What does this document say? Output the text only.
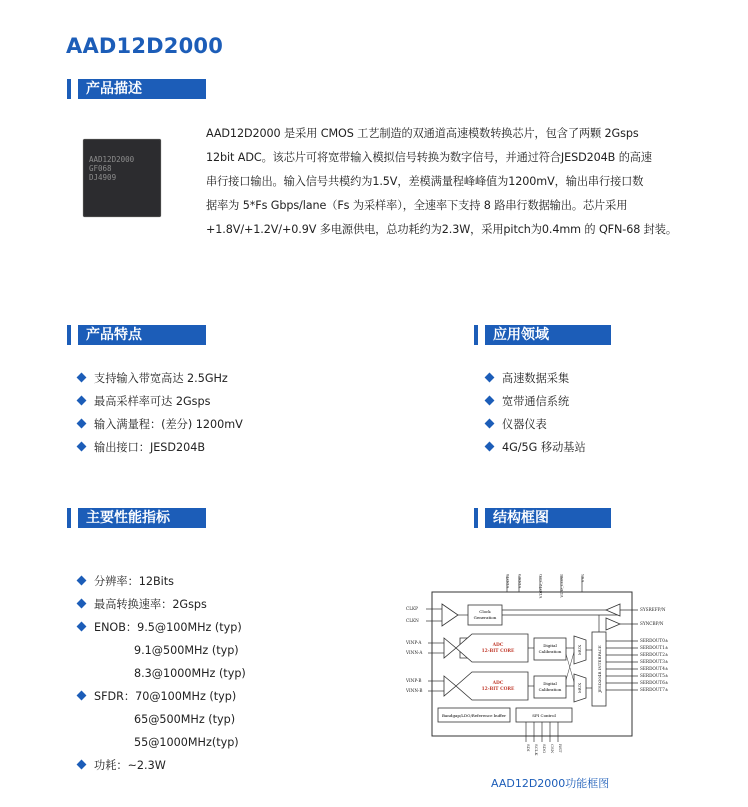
AAD12D2000
产品描述
AAD12D2000
GF068
DJ4909
AAD12D2000 是采用 CMOS 工艺制造的双通道高速模数转换芯片，包含了两颗 2Gsps
12bit ADC。该芯片可将宽带输入模拟信号转换为数字信号，并通过符合JESD204B 的高速
串行接口输出。输入信号共模约为1.5V，差模满量程峰峰值为1200mV，输出串行接口数
据率为 5*Fs Gbps/lane（Fs 为采样率），全速率下支持 8 路串行数据输出。芯片采用
+1.8V/+1.2V/+0.9V 多电源供电，总功耗约为2.3W，采用pitch为0.4mm 的 QFN-68 封装。
产品特点
支持输入带宽高达 2.5GHz
最高采样率可达 2Gsps
输入满量程：(差分) 1200mV
输出接口：JESD204B
应用领域
高速数据采集
宽带通信系统
仪器仪表
4G/5G 移动基站
主要性能指标
分辨率：12Bits
最高转换速率：2Gsps
ENOB：9.5@100MHz (typ)
9.1@500MHz (typ)
8.3@1000MHz (typ)
SFDR：70@100MHz (typ)
65@500MHz (typ)
55@1000MHz(typ)
功耗：~2.3W
结构框图
VDD18 VDD09	VDD12_CIO	VDD_CORE	VSS
CLKP
CLKN
VINP-A
VINN-A
VINP-B
VINN-B
Clock
Generation
SYSREFP/N
SYNCBP/N
ADC
12-BIT CORE
Digital
Calibration
ADC
12-BIT CORE
Digital
Calibration
MUX
MUX	JESD204B INTERFACE
SERDOUT0±
SERDOUT1±
SERDOUT2±
SERDOUT3±
SERDOUT4±
SERDOUT5±
SERDOUT6±
SERDOUT7±
Bandgap/LDO/Reference buffer	SPI Control
SDI SCLK SDO CSN RST
AAD12D2000功能框图
